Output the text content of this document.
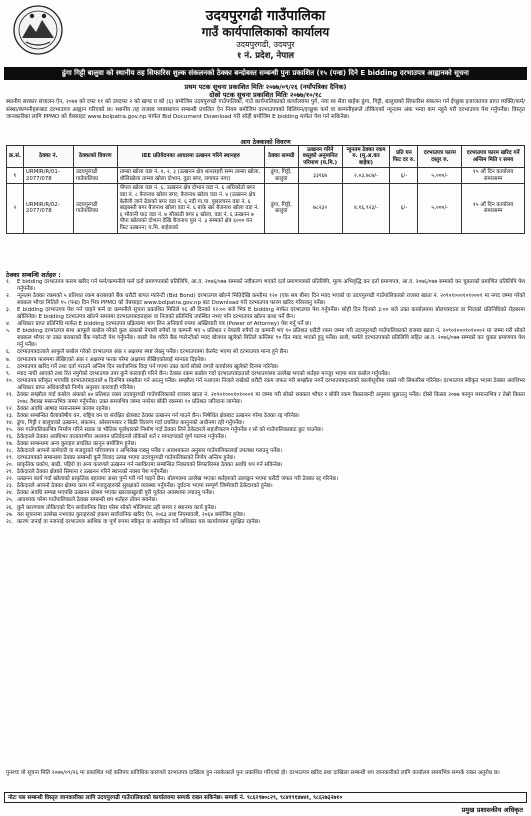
उदयपुरगढी गाउँपालिका
गाउँ कार्यपालिकाको कार्यालय
उदयपुरगढी, उदयपुर
१ नं. प्रदेश, नेपाल
ढुंगा गिट्टी बालुवा को स्थानीय तह सिफारिस शुल्क संकलनको ठेक्का बन्दोबस्त सम्बन्धी पुनः प्रकाशित (१५ (पन्ध्र) दिने E bidding दरभाउपत्र आह्वानको सूचना
प्रथम पटक सूचना प्रकाशित मितिः २०७७/०९/२६ (नयाँपत्रिका दैनिक)
दोस्रो पटक सूचना प्रकाशित मितिः २०७७/१०/१८
स्थानीय सरकार संचालन ऐन, २०७४ को दफा ११ को उपदफा २ को खण्ड घ को (६) बमोजिम उदयपुरगढी गाउँपालिका, गाउँ कार्यपालिकाको कार्यालयमा पुगे, नया स्व सेवा बाहेक ढुंगा, गिट्टी, बालुवाको सिफारिस संकलन गर्न ईच्छुक इजाजतपत्र प्राप्त व्यक्ति/फर्म/संस्था/कम्पनीहरूबाट दरभाउपत्र आह्वान गरिएको छ। स्थानीय तह राजस्व व्यवस्थापन सम्बन्धी प्रचलित ऐन नियम बमोजिम दरभाउपत्रको बिलियन/इच्छुक फर्म वा कम्पनीहरूले तोकिएको न्यूनतम अंक भन्दा कम नहुने गरी दरभाउपत्र पेश गर्नुपर्नेछ। विस्तृत जानकारीका लागि PPMO को वेबसाइट www.bolpatra.gov.np मार्फत Bid Document Download गरी सोही बमोजिम E bidding मार्फत पेश गर्न सकिनेछ।
आय ठेक्काको विवरण
क्र.सं.	ठेक्का नं.	ठेक्काको विवरण	IEE प्रतिवेदनका आधारमा उत्खनन गरिने स्थानहरु	ठेक्का सामग्री	उत्खनन गरिने वस्तुको अनुमानित परिमाण (घ.मि.)	न्युनतम ठेक्का रकम रु. (मू.अ.कर बाहेक)	प्रति घन फिट दर रु.	दरभाउपत्र फारम दस्तुर रु.	दरभाउपत्र फारम खरिद गर्ने अन्तिम मिति र समय
१	URMIR/R/01-2077/078	उदयपुरगढी गाउँपालिका	ताम्सा खोला वडा नं. १, २, ३ (उत्खनन क्षेत्र थानलहरी सम्म ताम्सा खोला, धौलिखोला ताम्सा खोला दोभान, वुढा बगर, लगायत नगर)	ढुंगा, गिट्टी, बालुवा	३३१६७	२,०३,७८७/-	६/-	५,०००/-	१५ औं दिन कार्यालय समयसम्म
२	URMIR/R/02-2077/078	उदयपुरगढी गाउँपालिका	पीपल खोला वडा नं. ६, उत्खनन क्षेत्र दोभान वडा नं. ६ अधिकोठो बगर वडा नं. ८ बैजनाथ खोला बगर; बैजनाथ खोला वडा नं. ४ (उत्खनन क्षेत्र बेतौली जाने ढेडाको बगर वडा नं. ६ नदी गा.पा. पुछारचरन वडा नं. ६ बाड्बस्ती बगर बैजनाथ खोला वडा नं. ६ बाके खर बैजनाथ खोला वडा नं. ६ भौवानी घाट वडा नं. ७ सौकाठी बगर ६ खोला, वडा नं. ६ उत्खनन ७ पीपा खोलाको दोभान देखि बैजनाथ पुल नं. ३ सम्मको क्षेत्र ६००० घन फिट उत्खनन) घ.मि. बाहेकको	ढुंगा, गिट्टी, बालुवा	७८२३२	४,१६,९२३/-	६/-	५,०००/-	१५ औं दिन कार्यालय समयसम्म
ठेक्का सम्बन्धि शर्तहरु :
१.	E bidding दरभाउपत्र फारम खरिद गर्न फर्म/कम्पनीले फर्म दर्ता प्रमाणपत्रको प्रतिलिपि, आ.व. २०७६/०७७ सम्मको नवीकरण भएको दर्ता प्रमाणपत्रको प्रतिलिपि, मूल्य अभिवृद्धि कर दर्ता प्रमाणपत्र, आ.व. २०७६/०७७ सम्मको कर चुक्ताको प्रमाणित प्रतिलिपि पेश गर्नुपर्नेछ।
२.	न्यूनतम ठेक्का रकमको ५ प्रतिशत रकम बराबरको बैंक धरौटी बापत ग्यारेन्टी (Bid Bond) दरभाउपत्र खोल्ने मितिदेखि कम्तीमा १२० (एक सय बीस) दिन म्याद भएको वा उदयपुरगढी गाउँपालिकाको राजस्व खाता नं. २०९०१०००१०१०००१ मा नगद जम्मा गरेको सक्कल भौचर मितिले १५ (पन्ध्र) दिन भित्र PPMO को वेबसाइट www.bolpatra.gov.np बाट Download गरी दरभाउपत्र फारम खरिद गरिसक्नु पर्नेछ।
३.	E bidding दरभाउपत्र पेश गर्न चाहने फर्म वा कम्पनीले सूचना प्रकाशित मितिले १६ औं दिनको १२:०० बजे भित्र E bidding मार्फत दरभाउपत्र पेश गर्नुपर्नेछ। सोही दिन दिनको ३:०० बजे उक्त कार्यालयमा बोलपत्रदाता वा निजको प्रतिनिधिको रोहबरमा खोलिनेछ। E bidding दरभाउपत्र खोल्ने समयमा दरभाउपत्रदाताहरू वा निजको प्रतिनिधि उपस्थित नभए पनि दरभाउपत्र खोल्न बाधा पर्ने छैन।
४.	अधिकार प्राप्त प्रतिनिधि मार्फत E bidding दरभाउपत्र प्रक्रियामा भाग लिन अनिवार्य रुपमा अख्तियारी पत्र (Power of Attorney) पेश गर्नु पर्ने छ।
५.	E bidding दरभाउपत्र साथ आफूले कबोल गरेको कुल अंकको नेपाली रुपैयाँ वा कम्पनी भए ५ प्रतिशत र नेपाली रुपैयाँ वा कम्पनी भए १० प्रतिशत धरौटी रकम जम्मा गरी उदयपुरगढी गाउँपालिकाको राजस्व खाता नं. २०९०१०००१०१०००१ मा जम्मा गरी सोको सक्कल भौचर वा उक्त बराबरको बैंक ग्यारेन्टी पेश गर्नुपर्नेछ। यसरी पेश गरिने बैंक ग्यारेन्टीको म्याद बोलपत्र खुलेको मितिले कम्तिमा ९० दिन म्याद भएको हुनु पर्नेछ। साथै, फर्मले दरभाउपत्रको प्रतिलिपि सहित आ.व. २०७६/०७७ सम्मको कर चुक्ता प्रमाणपत्र पेश गर्नु पर्नेछ।
६.	दरभाउपत्रदाताले आफूले कबोल गरेको दरभाउपत्र अंक र अक्षरमा स्पष्ट लेख्नु पर्नेछ। दरभाउपत्रमा केरमेट भएमा सो दरभाउपत्र मान्य हुने छैन।
७.	दरभाउपत्र फारममा लेखिएको अंक र अक्षरमा फरक परेमा अक्षरमा लेखिएकोलाई मान्यता दिइनेछ।
८.	दरभाउपत्र खरिद गर्ने तथा दर्ता गराउने अन्तिम दिन सार्वजनिक विदा पर्न गएमा उक्त कार्य सोको लगत्तै कार्यालय खुलेको दिनमा गरिनेछ।
९.	म्याद नाघी आएको तथा रित नपुगेको दरभाउपत्र उपर कुनै कारवाही गरिने छैन। ठेक्का रकम कबोल गर्दा दरभाउपत्रदाताले दरभाउपत्रमा उल्लेख भएको शर्तहरु मञ्जुर भएमा मात्र कबोल गर्नुपर्नेछ।
१०. दरभाउपत्र स्वीकृत भएपछि दरभाउपत्रदाताले ७ दिनभित्र सम्झौता गर्न आउनु पर्नेछ। सम्झौता गर्न नआएमा निजले राखेको धरौटी रकम जफत गरी सम्झौता नगर्ने दरभाउपत्रदाताको कालोसूचीमा राख्ने गरी सिफारिस गरिनेछ। दरभाउपत्र स्वीकृत भएमा ठेक्का अवधिभर अधिकार प्राप्त अधिकारीको निर्णय अनुसार कारवाही गरिनेछ।
११. ठेक्का सम्झौता गर्दा कबोल अंकको ४० प्रतिशत रकम उदयपुरगढी गाउँपालिकाको राजस्व खाता नं. २०९०१०००१०१०००१ मा जम्मा गरी सोको सक्कल भौचर र बाँकी रकम किस्ताबन्दी अनुसार बुझाउनु पर्नेछ। दोस्रो किस्ता २०७७ फागुन मसान्तभित्र र तेस्रो किस्ता २०७८ वैशाख मसान्तभित्र जम्मा गर्नुपर्नेछ। उक्त समयभित्र जम्मा नगरेमा बाँकी रकममा १० प्रतिशत जरिवाना लाग्नेछ।
१२. ठेक्का अवधि आषाढ मसान्तसम्म कायम रहनेछ।
१३. ठेक्का सम्बन्धित घैलाकोषीय वन, राष्ट्रिय वन वा संरक्षित क्षेत्रबाट ठेक्का उत्खनन गर्न पाउने छैन। निषेधित क्षेत्रबाट उत्खनन गरेमा ठेक्का रद्द गरिनेछ।
१४. ढुंगा, गिट्टी र बालुवाको उत्खनन, संकलन, ओसारपसार र बिक्री वितरण गर्दा प्रचलित कानुनको अधीनमा रही गर्नुपर्नेछ।
१५. यस गाउँपालिकाभित्र निर्माण गरिने सडक वा भौतिक पूर्वाधारको निर्माण गर्दा ठेक्का लिने ठेकेदारले सहजीकरण गर्नुपर्नेछ र सो को गाउँपालिकाबाट छुट पाउनेछ।
१६. ठेकेदारले ठेक्का अवधिभर वातावरणीय अध्ययन प्रतिवेदनले तोकेको शर्त र मापदण्डको पूर्ण पालना गर्नुपर्नेछ।
१७. ठेक्का सम्बन्धमा अन्य कुराहरु प्रचलित कानून बमोजिम हुनेछ।
१८. ठेकेदारले आफ्नो कर्मचारी वा मजदुरको परिचयपत्र र अभिलेख राख्नु पर्नेछ र आवश्यकता अनुसार गाउँपालिकालाई उपलब्ध गराउनु पर्नेछ।
१९. दरभाउपत्रको सम्बन्धमा ठेक्का सम्बन्धी कुनै विवाद उत्पन्न भएमा उदयपुरगढी गाउँपालिकाको निर्णय अन्तिम हुनेछ।
२०. प्राकृतिक प्रकोप, बाढी, पहिरो वा अन्य कारणले उत्खनन गर्न नसकिएमा सम्बन्धित निकायको सिफारिसमा ठेक्का अवधि थप गर्न सकिनेछ।
२१. ठेकेदारले ठेक्का क्षेत्रको सिमाना र उत्खनन गरिने स्थानको नक्सा पेश गर्नुपर्नेछ।
२२. उत्खनन कार्य गर्दा खोलाको प्राकृतिक बहावमा असर पुग्ने गरी गर्न पाइने छैन। बोलपत्रमा उल्लेख भएका शर्तहरुको उल्लङ्घन भएमा धरौटी जफत गरी ठेक्का रद्द गरिनेछ।
२३. ठेकेदारले आफ्नो ठेक्का क्षेत्रमा काम गर्ने मजदुरहरुको सुरक्षाको व्यवस्था गर्नुपर्नेछ। दुर्घटना भएमा सम्पूर्ण जिम्मेवारी ठेकेदारको हुनेछ।
२४. ठेक्का अवधि सम्पन्न भएपछि उत्खनन क्षेत्रमा भएका खाल्डाखुल्डी पुरी पूर्ववत अवस्थामा ल्याउनु पर्नेछ।
२५. आवश्यक परेमा गाउँपालिकाले ठेक्का सम्बन्धी थप शर्तहरु तोक्न सक्नेछ।
२६. कुनै कारणवश तोकिएको दिन सार्वजनिक बिदा परेमा सोको भोलिपल्ट उही समय र स्थानमा कार्य हुनेछ।
२७. यस सूचनामा उल्लेख नभएका कुराहरुको हकमा सार्वजनिक खरिद ऐन, २०६३ तथा नियमावली, २०६४ बमोजिम हुनेछ।
२८. कारण जनाई वा नजनाई दरभाउपत्र आंशिक वा पूर्ण रुपमा स्वीकृत वा अस्वीकृत गर्ने अधिकार यस कार्यालयमा सुरक्षित रहनेछ।
पुनश्चः यो सूचना मिति २०७७/०९/२६ मा प्रकाशित भई कतिपय प्राविधिक कारणले दरभाउपत्र दाखिला हुन नसकेकाले पुनः प्रकाशित गरिएको हो। दरभाउपत्र खरिद तथा दाखिला सम्बन्धी थप जानकारीको लागि कार्यालय समयभित्र सम्पर्क राख्न अनुरोध छ।
नोटः यस सम्बन्धी विस्तृत जानकारीका लागि उदयपुरगढी गाउँपालिकाको कार्यालयमा सम्पर्क राख्न सकिनेछ। सम्पर्क नं. ९८६२९७०८२९, ९८४१९१४७४१, ९८६२७३२७१०
प्रमुख प्रशासकीय अधिकृत
